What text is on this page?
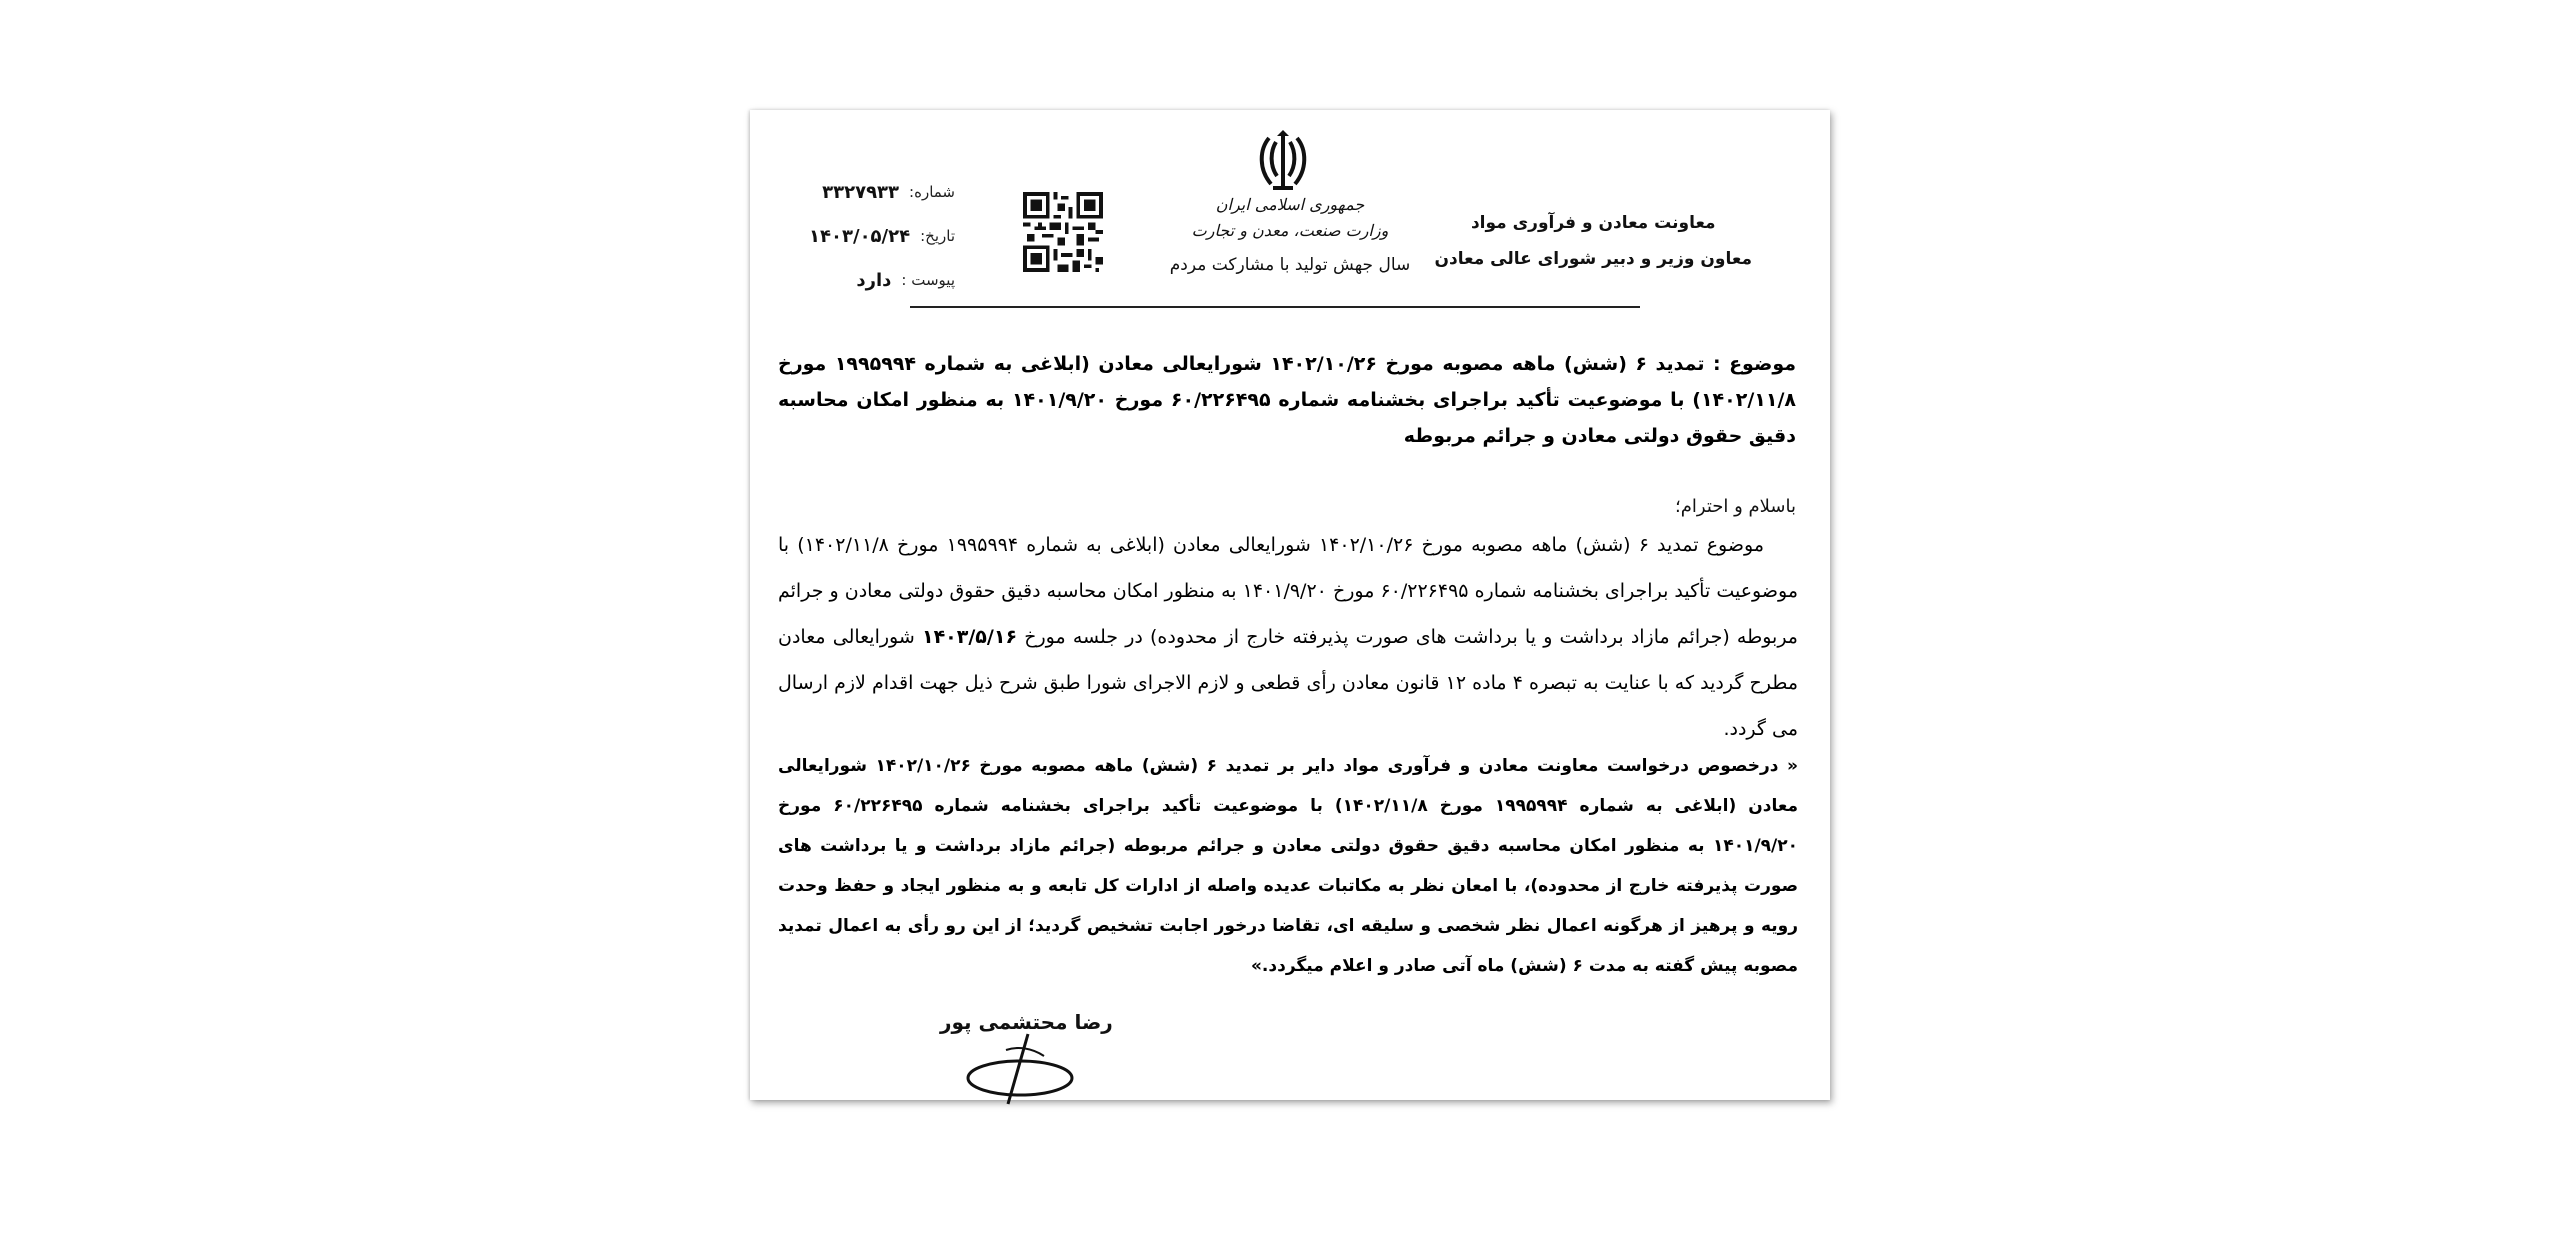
معاونت معادن و فرآوری مواد
معاون وزیر و دبیر شورای عالی معادن
جمهوری اسلامی ایران
وزارت صنعت، معدن و تجارت
سال جهش تولید با مشارکت مردم
شماره:
۳۳۲۷۹۳۳
تاریخ:
۱۴۰۳/۰۵/۲۴
پیوست :
دارد
موضوع : تمدید ۶ (شش) ماهه مصوبه مورخ ۱۴۰۲/۱۰/۲۶ شورایعالی معادن (ابلاغی به شماره ۱۹۹۵۹۹۴ مورخ ۱۴۰۲/۱۱/۸) با موضوعیت تأکید براجرای بخشنامه شماره ۶۰/۲۲۶۴۹۵ مورخ ۱۴۰۱/۹/۲۰ به منظور امکان محاسبه دقیق حقوق دولتی معادن و جرائم مربوطه
باسلام و احترام؛
موضوع تمدید ۶ (شش) ماهه مصوبه مورخ ۱۴۰۲/۱۰/۲۶ شورایعالی معادن (ابلاغی به شماره ۱۹۹۵۹۹۴ مورخ ۱۴۰۲/۱۱/۸) با موضوعیت تأکید براجرای بخشنامه شماره ۶۰/۲۲۶۴۹۵ مورخ ۱۴۰۱/۹/۲۰ به منظور امکان محاسبه دقیق حقوق دولتی معادن و جرائم مربوطه (جرائم مازاد برداشت و یا برداشت های صورت پذیرفته خارج از محدوده) در جلسه مورخ ۱۴۰۳/۵/۱۶ شورایعالی معادن مطرح گردید که با عنایت به تبصره ۴ ماده ۱۲ قانون معادن رأی قطعی و لازم الاجرای شورا طبق شرح ذیل جهت اقدام لازم ارسال می گردد.
« درخصوص درخواست معاونت معادن و فرآوری مواد دایر بر تمدید ۶ (شش) ماهه مصوبه مورخ ۱۴۰۲/۱۰/۲۶ شورایعالی معادن (ابلاغی به شماره ۱۹۹۵۹۹۴ مورخ ۱۴۰۲/۱۱/۸) با موضوعیت تأکید براجرای بخشنامه شماره ۶۰/۲۲۶۴۹۵ مورخ ۱۴۰۱/۹/۲۰ به منظور امکان محاسبه دقیق حقوق دولتی معادن و جرائم مربوطه (جرائم مازاد برداشت و یا برداشت های صورت پذیرفته خارج از محدوده)، با امعان نظر به مکاتبات عدیده واصله از ادارات کل تابعه و به منظور ایجاد و حفظ وحدت رویه و پرهیز از هرگونه اعمال نظر شخصی و سلیقه ای، تقاضا درخور اجابت تشخیص گردید؛ از این رو رأی به اعمال تمدید مصوبه پیش گفته به مدت ۶ (شش) ماه آتی صادر و اعلام میگردد.»
رضا محتشمی پور
